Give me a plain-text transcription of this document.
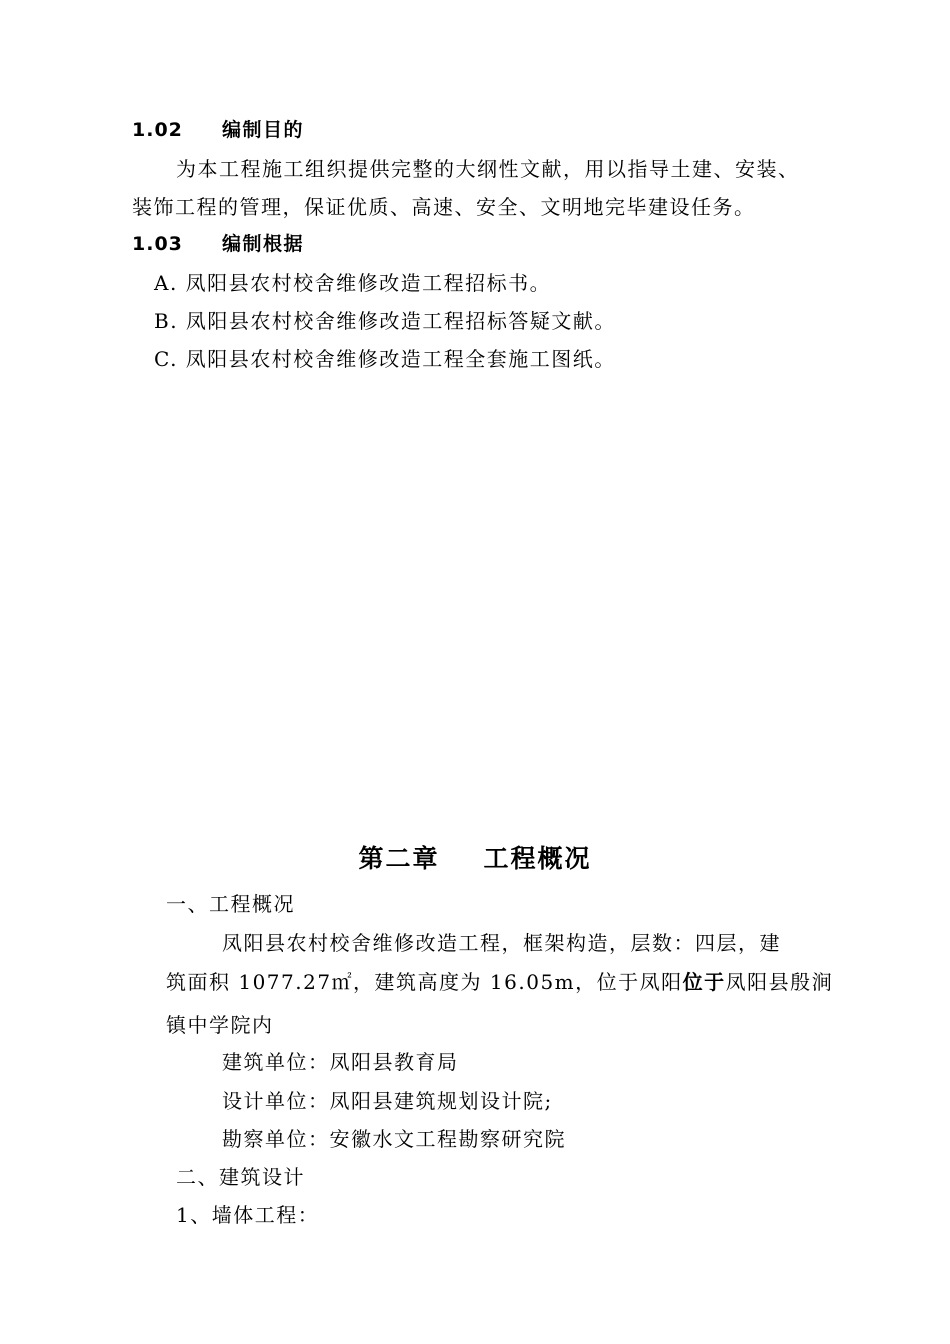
1.02 编制目的
为本工程施工组织提供完整的大纲性文献，用以指导土建、安装、
装饰工程的管理，保证优质、高速、安全、文明地完毕建设任务。
1.03 编制根据
A. 凤阳县农村校舍维修改造工程招标书。
B. 凤阳县农村校舍维修改造工程招标答疑文献。
C. 凤阳县农村校舍维修改造工程全套施工图纸。
第二章 工程概况
一、工程概况
凤阳县农村校舍维修改造工程，框架构造，层数：四层，建
筑面积 1077.27㎡，建筑高度为 16.05m，位于凤阳位于凤阳县殷涧
镇中学院内
建筑单位：凤阳县教育局
设计单位：凤阳县建筑规划设计院;
勘察单位：安徽水文工程勘察研究院
二、建筑设计
1、墙体工程：
